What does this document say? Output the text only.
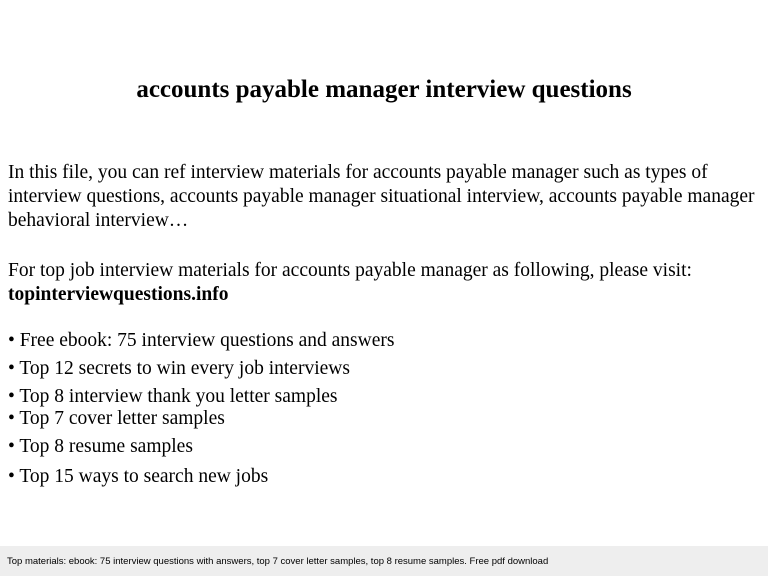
accounts payable manager interview questions

In this file, you can ref interview materials for accounts payable manager such as types of interview questions, accounts payable manager situational interview, accounts payable manager behavioral interview…

For top job interview materials for accounts payable manager as following, please visit:
topinterviewquestions.info

• Free ebook: 75 interview questions and answers
• Top 12 secrets to win every job interviews
• Top 8 interview thank you letter samples
• Top 7 cover letter samples
• Top 8 resume samples
• Top 15 ways to search new jobs
Top materials: ebook: 75 interview questions with answers, top 7 cover letter samples, top 8 resume samples. Free pdf download
